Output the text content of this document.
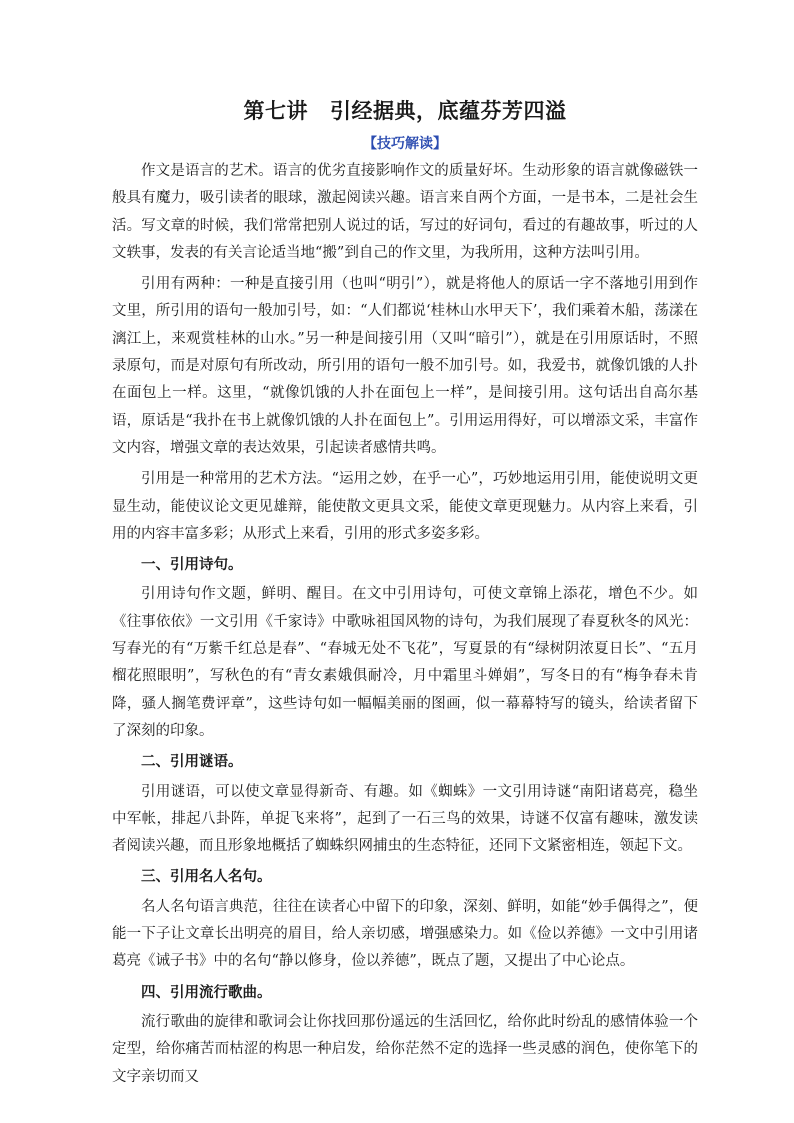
第七讲 引经据典，底蕴芬芳四溢
【技巧解读】

作文是语言的艺术。语言的优劣直接影响作文的质量好坏。生动形象的语言就像磁铁一般具有魔力，吸引读者的眼球，激起阅读兴趣。语言来自两个方面，一是书本，二是社会生活。写文章的时候，我们常常把别人说过的话，写过的好词句，看过的有趣故事，听过的人文轶事，发表的有关言论适当地“搬”到自己的作文里，为我所用，这种方法叫引用。

引用有两种：一种是直接引用（也叫“明引”），就是将他人的原话一字不落地引用到作文里，所引用的语句一般加引号，如：“人们都说‘桂林山水甲天下’，我们乘着木船，荡漾在漓江上，来观赏桂林的山水。”另一种是间接引用（又叫“暗引”），就是在引用原话时，不照录原句，而是对原句有所改动，所引用的语句一般不加引号。如，我爱书，就像饥饿的人扑在面包上一样。这里，“就像饥饿的人扑在面包上一样”，是间接引用。这句话出自高尔基语，原话是“我扑在书上就像饥饿的人扑在面包上”。引用运用得好，可以增添文采，丰富作文内容，增强文章的表达效果，引起读者感情共鸣。

引用是一种常用的艺术方法。“运用之妙，在乎一心”，巧妙地运用引用，能使说明文更显生动，能使议论文更见雄辩，能使散文更具文采，能使文章更现魅力。从内容上来看，引用的内容丰富多彩；从形式上来看，引用的形式多姿多彩。

一、引用诗句。

引用诗句作文题，鲜明、醒目。在文中引用诗句，可使文章锦上添花，增色不少。如《往事依依》一文引用《千家诗》中歌咏祖国风物的诗句，为我们展现了春夏秋冬的风光：写春光的有“万紫千红总是春”、“春城无处不飞花”，写夏景的有“绿树阴浓夏日长”、“五月榴花照眼明”，写秋色的有“青女素娥俱耐冷，月中霜里斗婵娟”，写冬日的有“梅争春未肯降，骚人搁笔费评章”，这些诗句如一幅幅美丽的图画，似一幕幕特写的镜头，给读者留下了深刻的印象。

二、引用谜语。

引用谜语，可以使文章显得新奇、有趣。如《蜘蛛》一文引用诗谜“南阳诸葛亮，稳坐中军帐，排起八卦阵，单捉飞来将”，起到了一石三鸟的效果，诗谜不仅富有趣味，激发读者阅读兴趣，而且形象地概括了蜘蛛织网捕虫的生态特征，还同下文紧密相连，领起下文。

三、引用名人名句。

名人名句语言典范，往往在读者心中留下的印象，深刻、鲜明，如能“妙手偶得之”，便能一下子让文章长出明亮的眉目，给人亲切感，增强感染力。如《俭以养德》一文中引用诸葛亮《诫子书》中的名句“静以修身，俭以养德”，既点了题，又提出了中心论点。

四、引用流行歌曲。

流行歌曲的旋律和歌词会让你找回那份遥远的生活回忆，给你此时纷乱的感情体验一个定型，给你痛苦而枯涩的构思一种启发，给你茫然不定的选择一些灵感的润色，使你笔下的文字亲切而又
